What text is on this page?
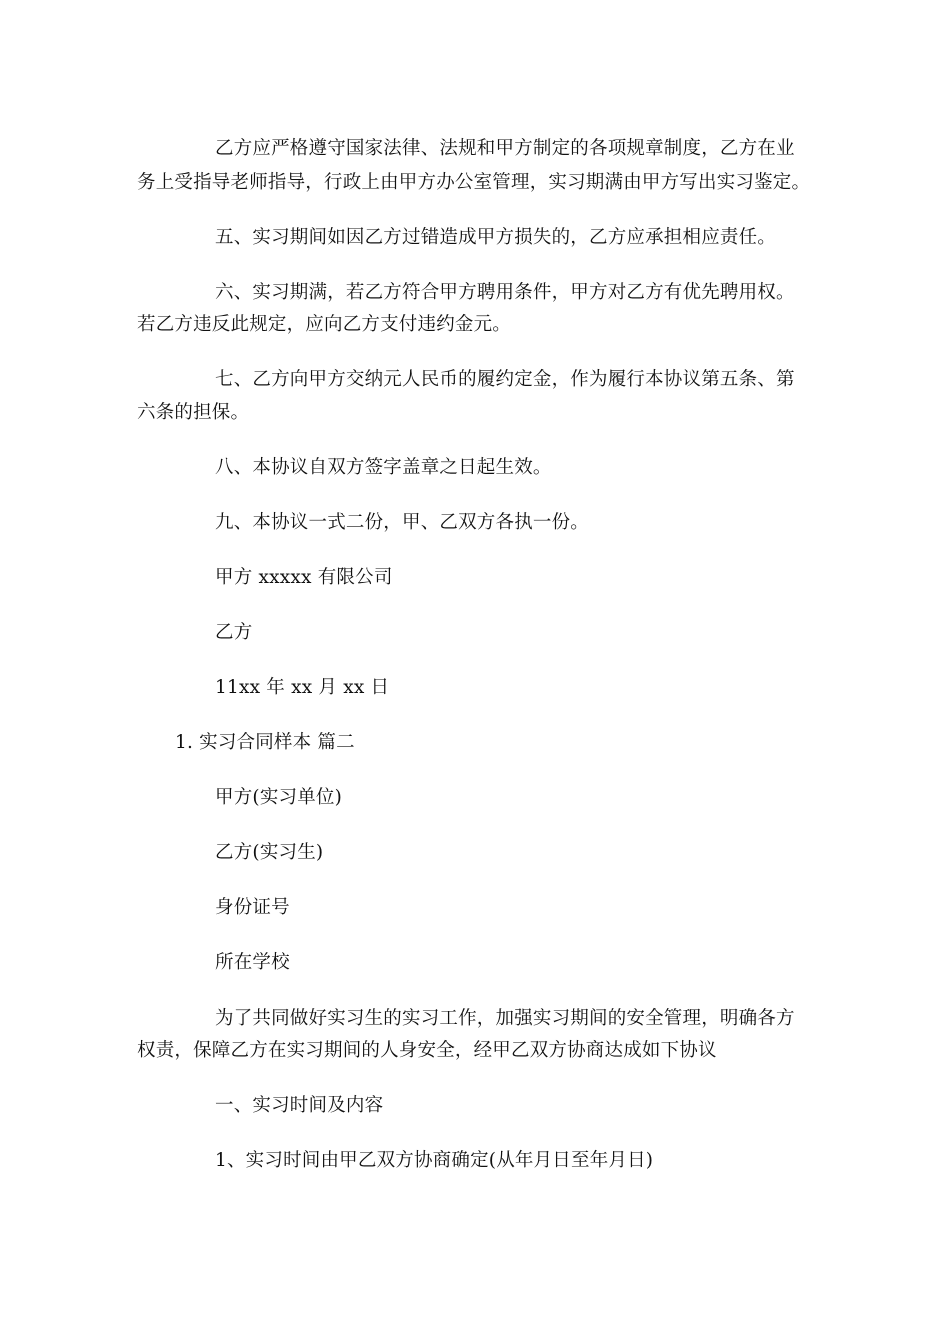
乙方应严格遵守国家法律、法规和甲方制定的各项规章制度，乙方在业

务上受指导老师指导，行政上由甲方办公室管理，实习期满由甲方写出实习鉴定。

五、实习期间如因乙方过错造成甲方损失的，乙方应承担相应责任。

六、实习期满，若乙方符合甲方聘用条件，甲方对乙方有优先聘用权。

若乙方违反此规定，应向乙方支付违约金元。

七、乙方向甲方交纳元人民币的履约定金，作为履行本协议第五条、第

六条的担保。

八、本协议自双方签字盖章之日起生效。

九、本协议一式二份，甲、乙双方各执一份。

甲方 xxxxx 有限公司

乙方

11xx 年 xx 月 xx 日

1. 实习合同样本 篇二

甲方(实习单位)

乙方(实习生)

身份证号

所在学校

为了共同做好实习生的实习工作，加强实习期间的安全管理，明确各方

权责，保障乙方在实习期间的人身安全，经甲乙双方协商达成如下协议

一、实习时间及内容

1、实习时间由甲乙双方协商确定(从年月日至年月日)
